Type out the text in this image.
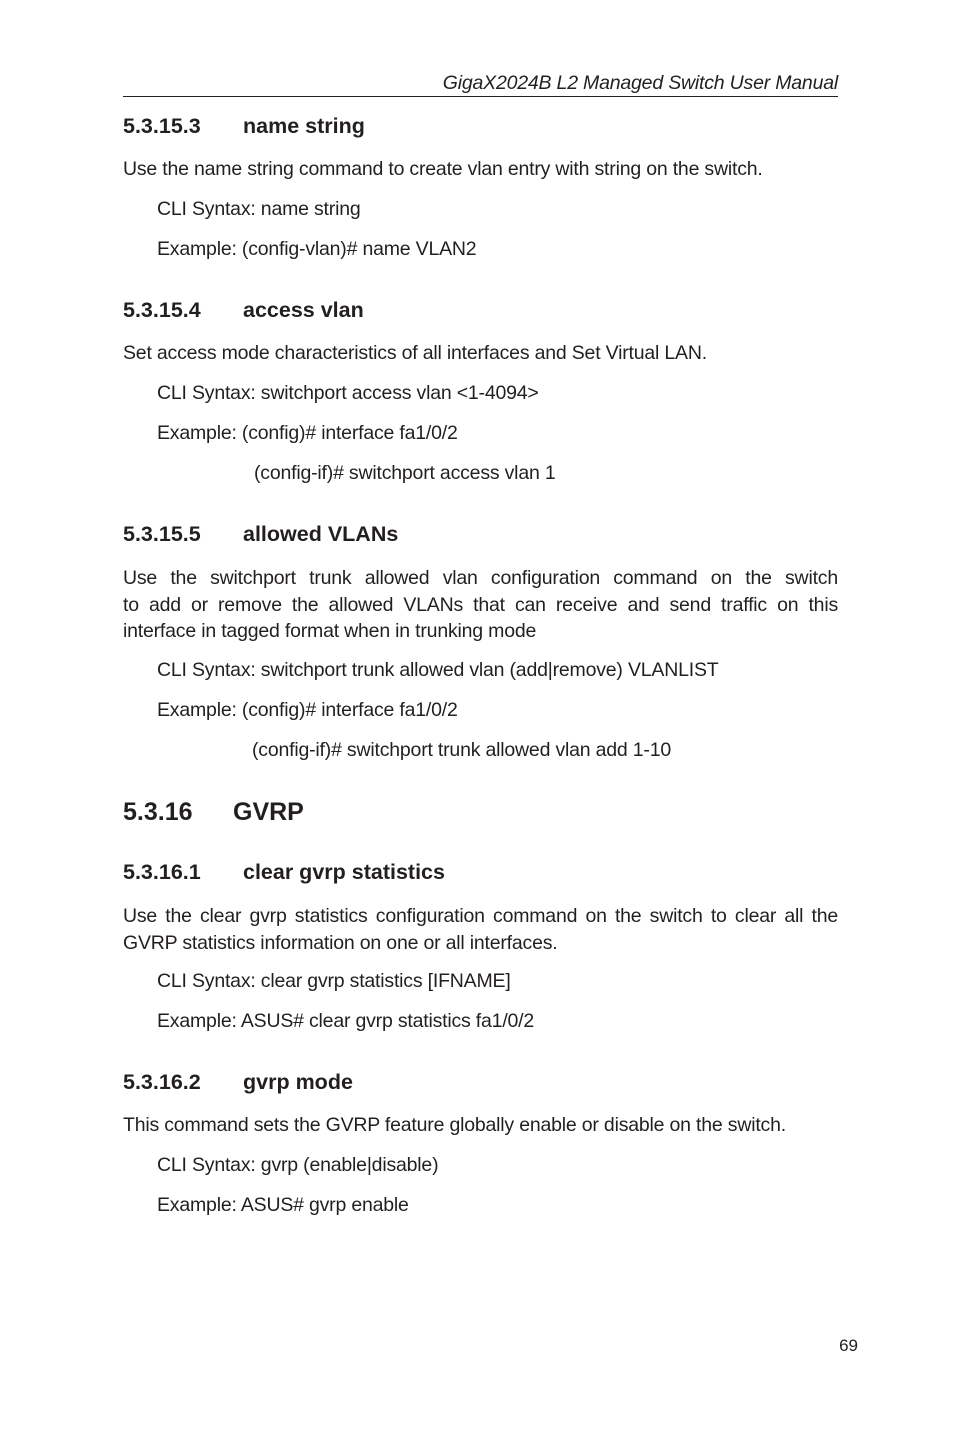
GigaX2024B L2 Managed Switch User Manual
5.3.15.3 name string
Use the name string command to create vlan entry with string on the switch.
CLI Syntax: name string
Example: (config-vlan)# name VLAN2
5.3.15.4 access vlan
Set access mode characteristics of all interfaces and Set Virtual LAN.
CLI Syntax: switchport access vlan <1-4094>
Example: (config)# interface fa1/0/2
(config-if)# switchport access vlan 1
5.3.15.5 allowed VLANs
Use the switchport trunk allowed vlan configuration command on the switch
to add or remove the allowed VLANs that can receive and send traffic on this
interface in tagged format when in trunking mode
CLI Syntax: switchport trunk allowed vlan (add|remove) VLANLIST
Example: (config)# interface fa1/0/2
(config-if)# switchport trunk allowed vlan add 1-10
5.3.16 GVRP
5.3.16.1 clear gvrp statistics
Use the clear gvrp statistics configuration command on the switch to clear all the
GVRP statistics information on one or all interfaces.
CLI Syntax: clear gvrp statistics [IFNAME]
Example: ASUS# clear gvrp statistics fa1/0/2
5.3.16.2 gvrp mode
This command sets the GVRP feature globally enable or disable on the switch.
CLI Syntax: gvrp (enable|disable)
Example: ASUS# gvrp enable
69
